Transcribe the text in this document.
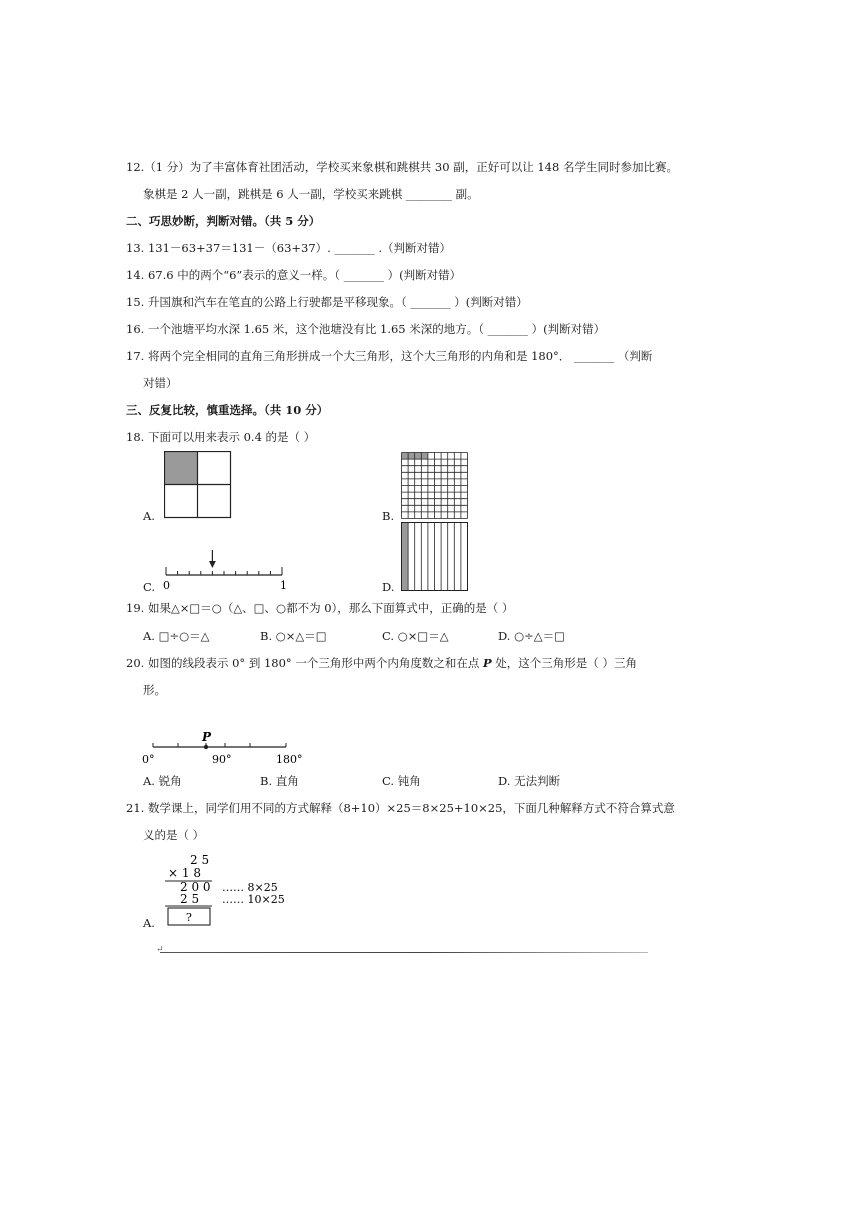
12.（1 分）为了丰富体育社团活动，学校买来象棋和跳棋共 30 副，正好可以让 148 名学生同时参加比赛。
象棋是 2 人一副，跳棋是 6 人一副，学校买来跳棋 ________ 副。
二、巧思妙断，判断对错。（共 5 分）
13. 131－63+37＝131－（63+37）. _______ .（判断对错）
14. 67.6 中的两个“6”表示的意义一样。（ _______ ）(判断对错）
15. 升国旗和汽车在笔直的公路上行驶都是平移现象。（ _______ ）(判断对错）
16. 一个池塘平均水深 1.65 米，这个池塘没有比 1.65 米深的地方。（ _______ ）(判断对错）
17. 将两个完全相同的直角三角形拼成一个大三角形，这个大三角形的内角和是 180°． _______ （判断
对错）
三、反复比较，慎重选择。（共 10 分）
18. 下面可以用来表示 0.4 的是（ ）
A.	B.
D.
0	1
C.
19. 如果△×□＝○（△、□、○都不为 0），那么下面算式中，正确的是（ ）
A. □÷○＝△	B. ○×△＝□	C. ○×□＝△	D. ○÷△＝□
20. 如图的线段表示 0° 到 180° 一个三角形中两个内角度数之和在点 P 处，这个三角形是（ ）三角
形。
P
0°	90°	180°
A. 锐角	B. 直角	C. 钝角	D. 无法判断
21. 数学课上，同学们用不同的方式解释（8+10）×25＝8×25+10×25，下面几种解释方式不符合算式意
义的是（ ）
2 5
× 1 8
2 0 0
2 5
?
…… 8×25
…… 10×25
A.
↵
